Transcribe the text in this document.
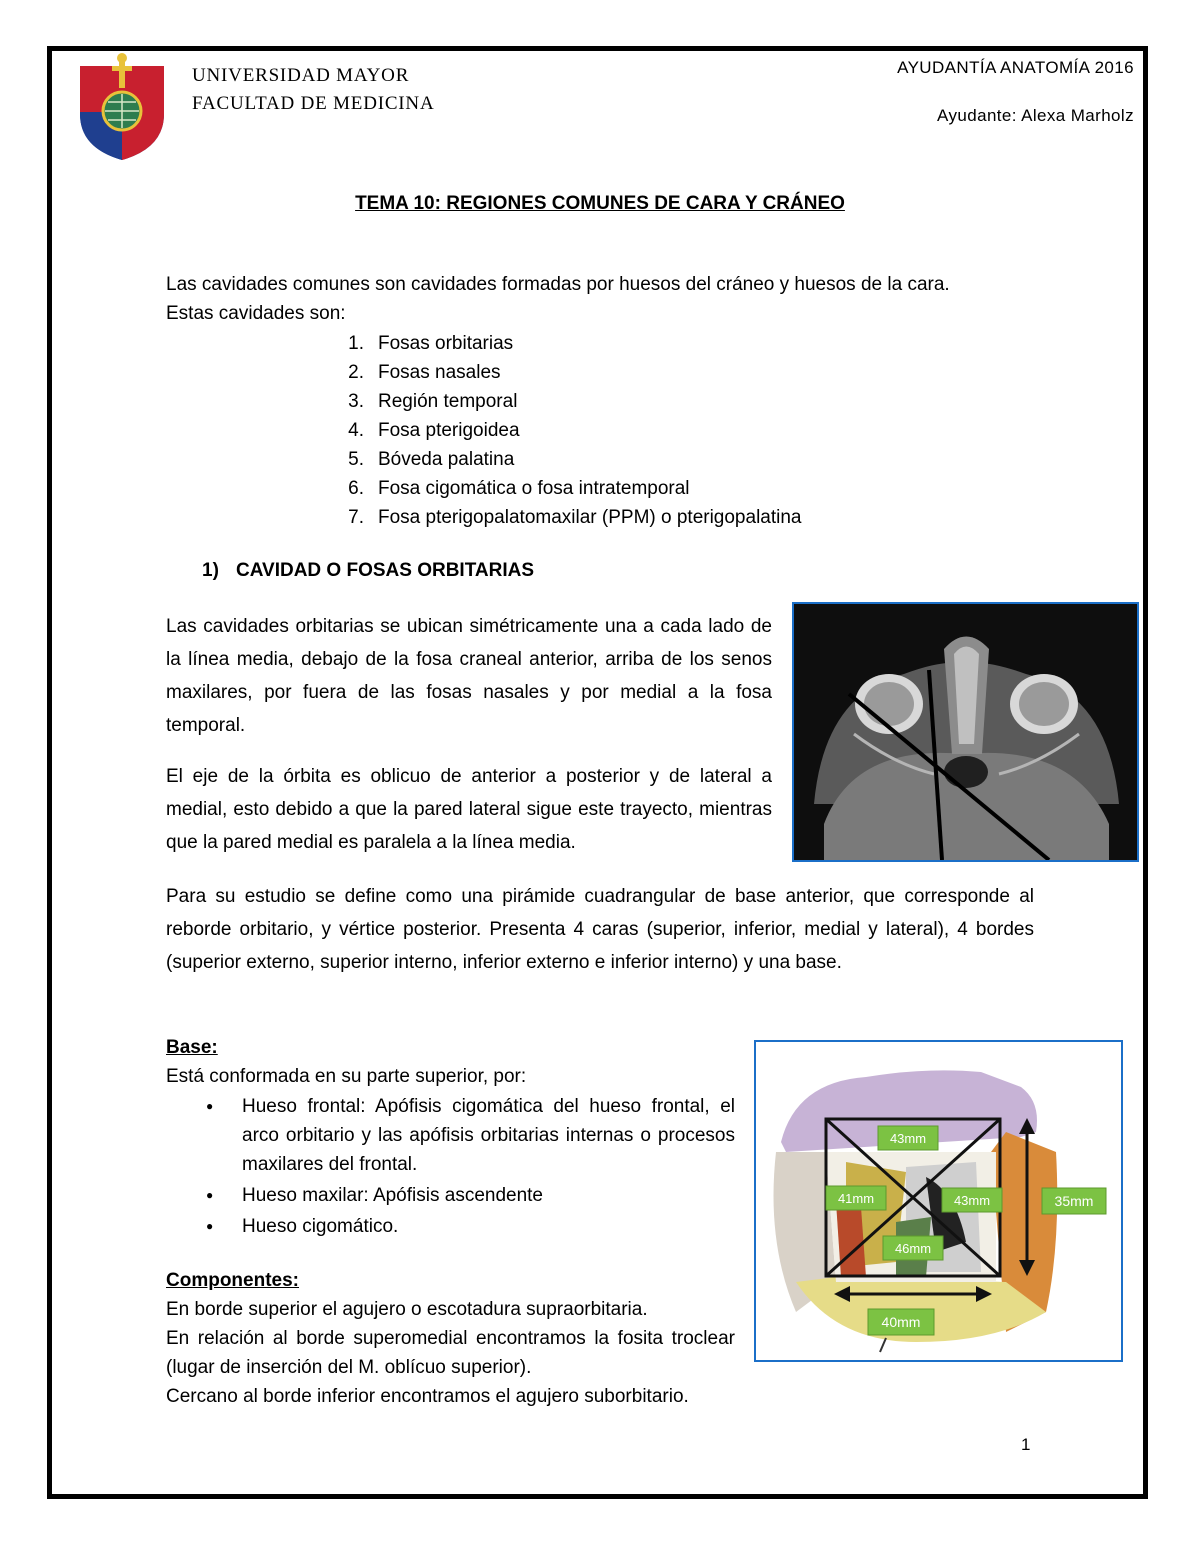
UNIVERSIDAD MAYOR
FACULTAD DE MEDICINA
AYUDANTÍA ANATOMÍA 2016
Ayudante: Alexa Marholz
TEMA 10: REGIONES COMUNES DE CARA Y CRÁNEO
Las cavidades comunes son cavidades formadas por huesos del cráneo y huesos de la cara.
Estas cavidades son:
1. Fosas orbitarias
2. Fosas nasales
3. Región temporal
4. Fosa pterigoidea
5. Bóveda palatina
6. Fosa cigomática o fosa intratemporal
7. Fosa pterigopalatomaxilar (PPM) o pterigopalatina
1) CAVIDAD O FOSAS ORBITARIAS
Las cavidades orbitarias se ubican simétricamente una a cada lado de la línea media, debajo de la fosa craneal anterior, arriba de los senos maxilares, por fuera de las fosas nasales y por medial a la fosa temporal.
El eje de la órbita es oblicuo de anterior a posterior y de lateral a medial, esto debido a que la pared lateral sigue este trayecto, mientras que la pared medial es paralela a la línea media.
Para su estudio se define como una pirámide cuadrangular de base anterior, que corresponde al reborde orbitario, y vértice posterior. Presenta 4 caras (superior, inferior, medial y lateral), 4 bordes (superior externo, superior interno, inferior externo e inferior interno) y una base.
Base:
Está conformada en su parte superior, por:
● Hueso frontal: Apófisis cigomática del hueso frontal, el arco orbitario y las apófisis orbitarias internas o procesos maxilares del frontal.
● Hueso maxilar: Apófisis ascendente
● Hueso cigomático.
Componentes:
En borde superior el agujero o escotadura supraorbitaria.
En relación al borde superomedial encontramos la fosita troclear (lugar de inserción del M. oblícuo superior).
Cercano al borde inferior encontramos el agujero suborbitario.
43mm
41mm	43mm
46mm
35mm
40mm
1
